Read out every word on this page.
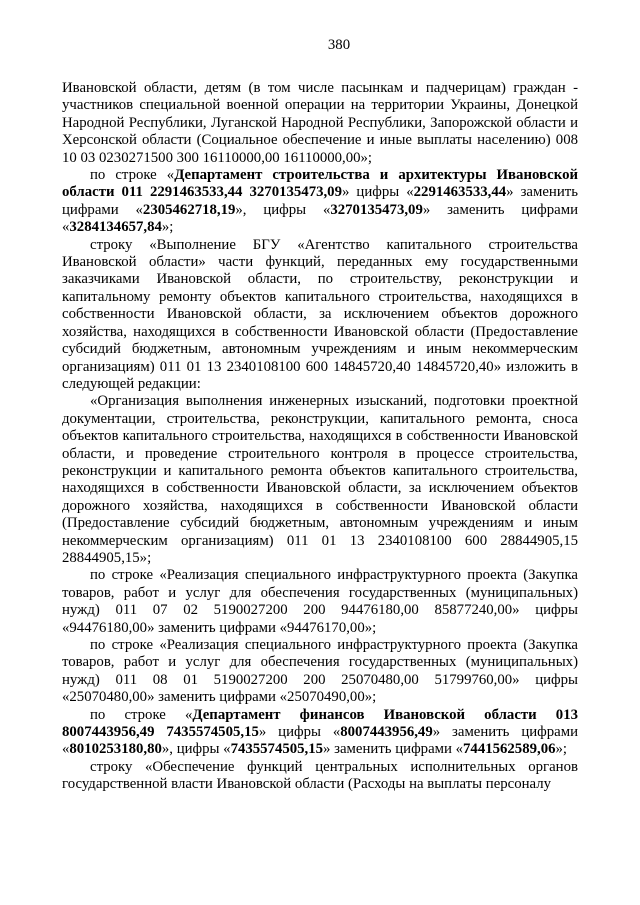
380

Ивановской области, детям (в том числе пасынкам и падчерицам) граждан - участников специальной военной операции на территории Украины, Донецкой Народной Республики, Луганской Народной Республики, Запорожской области и Херсонской области (Социальное обеспечение и иные выплаты населению) 008 10 03 0230271500 300 16110000,00 16110000,00»;

по строке «Департамент строительства и архитектуры Ивановской области 011 2291463533,44 3270135473,09» цифры «2291463533,44» заменить цифрами «2305462718,19», цифры «3270135473,09» заменить цифрами «3284134657,84»;

строку «Выполнение БГУ «Агентство капитального строительства Ивановской области» части функций, переданных ему государственными заказчиками Ивановской области, по строительству, реконструкции и капитальному ремонту объектов капитального строительства, находящихся в собственности Ивановской области, за исключением объектов дорожного хозяйства, находящихся в собственности Ивановской области (Предоставление субсидий бюджетным, автономным учреждениям и иным некоммерческим организациям) 011 01 13 2340108100 600 14845720,40 14845720,40» изложить в следующей редакции:

«Организация выполнения инженерных изысканий, подготовки проектной документации, строительства, реконструкции, капитального ремонта, сноса объектов капитального строительства, находящихся в собственности Ивановской области, и проведение строительного контроля в процессе строительства, реконструкции и капитального ремонта объектов капитального строительства, находящихся в собственности Ивановской области, за исключением объектов дорожного хозяйства, находящихся в собственности Ивановской области (Предоставление субсидий бюджетным, автономным учреждениям и иным некоммерческим организациям) 011 01 13 2340108100 600 28844905,15 28844905,15»;

по строке «Реализация специального инфраструктурного проекта (Закупка товаров, работ и услуг для обеспечения государственных (муниципальных) нужд) 011 07 02 5190027200 200 94476180,00 85877240,00» цифры «94476180,00» заменить цифрами «94476170,00»;

по строке «Реализация специального инфраструктурного проекта (Закупка товаров, работ и услуг для обеспечения государственных (муниципальных) нужд) 011 08 01 5190027200 200 25070480,00 51799760,00» цифры «25070480,00» заменить цифрами «25070490,00»;

по строке «Департамент финансов Ивановской области 013 8007443956,49 7435574505,15» цифры «8007443956,49» заменить цифрами «8010253180,80», цифры «7435574505,15» заменить цифрами «7441562589,06»;

строку «Обеспечение функций центральных исполнительных органов государственной власти Ивановской области (Расходы на выплаты персоналу
